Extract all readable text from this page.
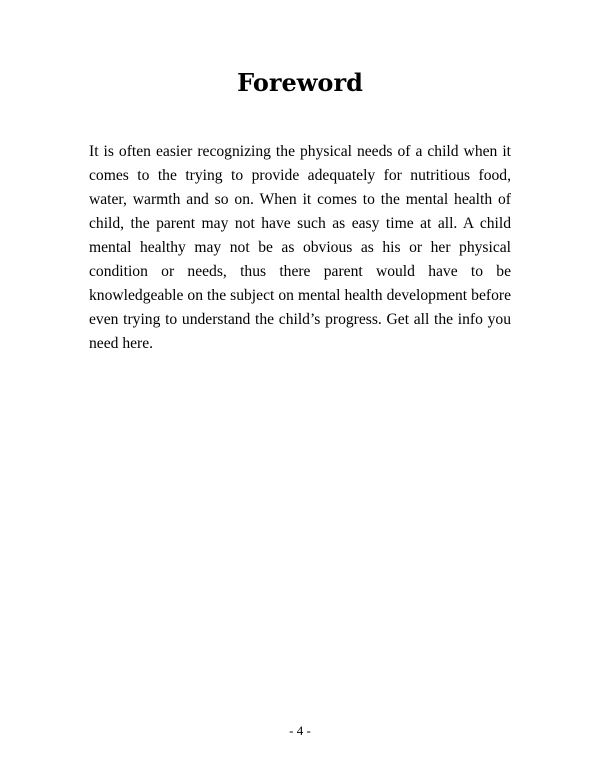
Foreword

It is often easier recognizing the physical needs of a child when it comes to the trying to provide adequately for nutritious food, water, warmth and so on. When it comes to the mental health of child, the parent may not have such as easy time at all. A child mental healthy may not be as obvious as his or her physical condition or needs, thus there parent would have to be knowledgeable on the subject on mental health development before even trying to understand the child’s progress. Get all the info you need here.

- 4 -
